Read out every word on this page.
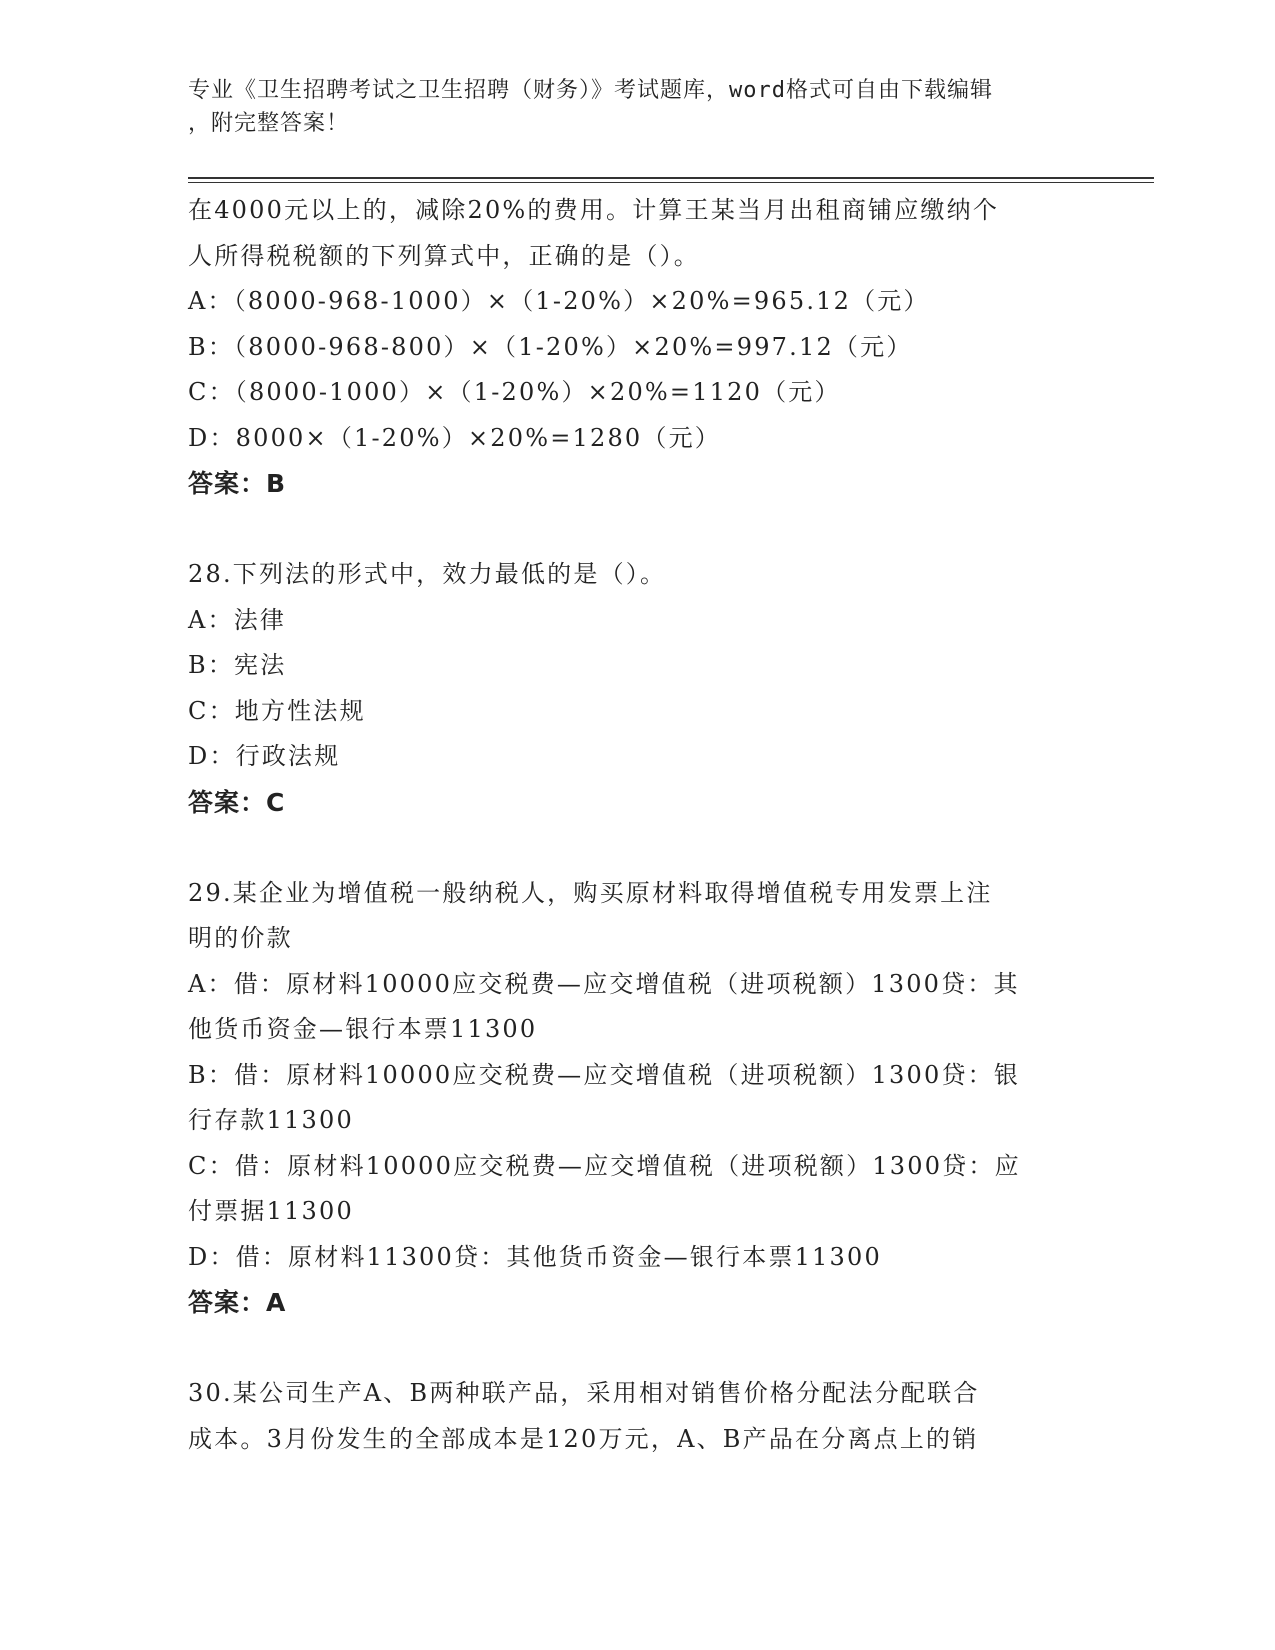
专业《卫生招聘考试之卫生招聘（财务）》考试题库，word格式可自由下载编辑
，附完整答案！
在4000元以上的，减除20%的费用。计算王某当月出租商铺应缴纳个
人所得税税额的下列算式中，正确的是（）。
A：（8000-968-1000）×（1-20%）×20%=965.12（元）
B：（8000-968-800）×（1-20%）×20%=997.12（元）
C：（8000-1000）×（1-20%）×20%=1120（元）
D：8000×（1-20%）×20%=1280（元）
答案：B
28.下列法的形式中，效力最低的是（）。
A：法律
B：宪法
C：地方性法规
D：行政法规
答案：C
29.某企业为增值税一般纳税人，购买原材料取得增值税专用发票上注
明的价款
A：借：原材料10000应交税费—应交增值税（进项税额）1300贷：其
他货币资金—银行本票11300
B：借：原材料10000应交税费—应交增值税（进项税额）1300贷：银
行存款11300
C：借：原材料10000应交税费—应交增值税（进项税额）1300贷：应
付票据11300
D：借：原材料11300贷：其他货币资金—银行本票11300
答案：A
30.某公司生产A、B两种联产品，采用相对销售价格分配法分配联合
成本。3月份发生的全部成本是120万元，A、B产品在分离点上的销
